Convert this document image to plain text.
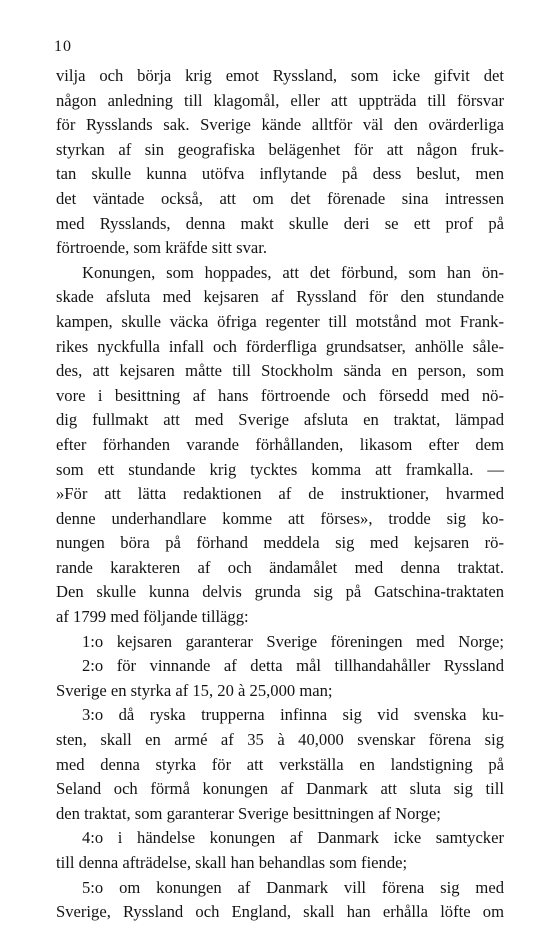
10
vilja och börja krig emot Ryssland, som icke gifvit det
någon anledning till klagomål, eller att uppträda till försvar
för Rysslands sak. Sverige kände alltför väl den ovärderliga
styrkan af sin geografiska belägenhet för att någon fruk-
tan skulle kunna utöfva inflytande på dess beslut, men
det väntade också, att om det förenade sina intressen
med Rysslands, denna makt skulle deri se ett prof på
förtroende, som kräfde sitt svar.
Konungen, som hoppades, att det förbund, som han ön-
skade afsluta med kejsaren af Ryssland för den stundande
kampen, skulle väcka öfriga regenter till motstånd mot Frank-
rikes nyckfulla infall och förderfliga grundsatser, anhölle såle-
des, att kejsaren måtte till Stockholm sända en person, som
vore i besittning af hans förtroende och försedd med nö-
dig fullmakt att med Sverige afsluta en traktat, lämpad
efter förhanden varande förhållanden, likasom efter dem
som ett stundande krig tycktes komma att framkalla. —
»För att lätta redaktionen af de instruktioner, hvarmed
denne underhandlare komme att förses», trodde sig ko-
nungen böra på förhand meddela sig med kejsaren rö-
rande karakteren af och ändamålet med denna traktat.
Den skulle kunna delvis grunda sig på Gatschina-traktaten
af 1799 med följande tillägg:
1:o kejsaren garanterar Sverige föreningen med Norge;
2:o för vinnande af detta mål tillhandahåller Ryssland
Sverige en styrka af 15, 20 à 25,000 man;
3:o då ryska trupperna infinna sig vid svenska ku-
sten, skall en armé af 35 à 40,000 svenskar förena sig
med denna styrka för att verkställa en landstigning på
Seland och förmå konungen af Danmark att sluta sig till
den traktat, som garanterar Sverige besittningen af Norge;
4:o i händelse konungen af Danmark icke samtycker
till denna afträdelse, skall han behandlas som fiende;
5:o om konungen af Danmark vill förena sig med
Sverige, Ryssland och England, skall han erhålla löfte om
